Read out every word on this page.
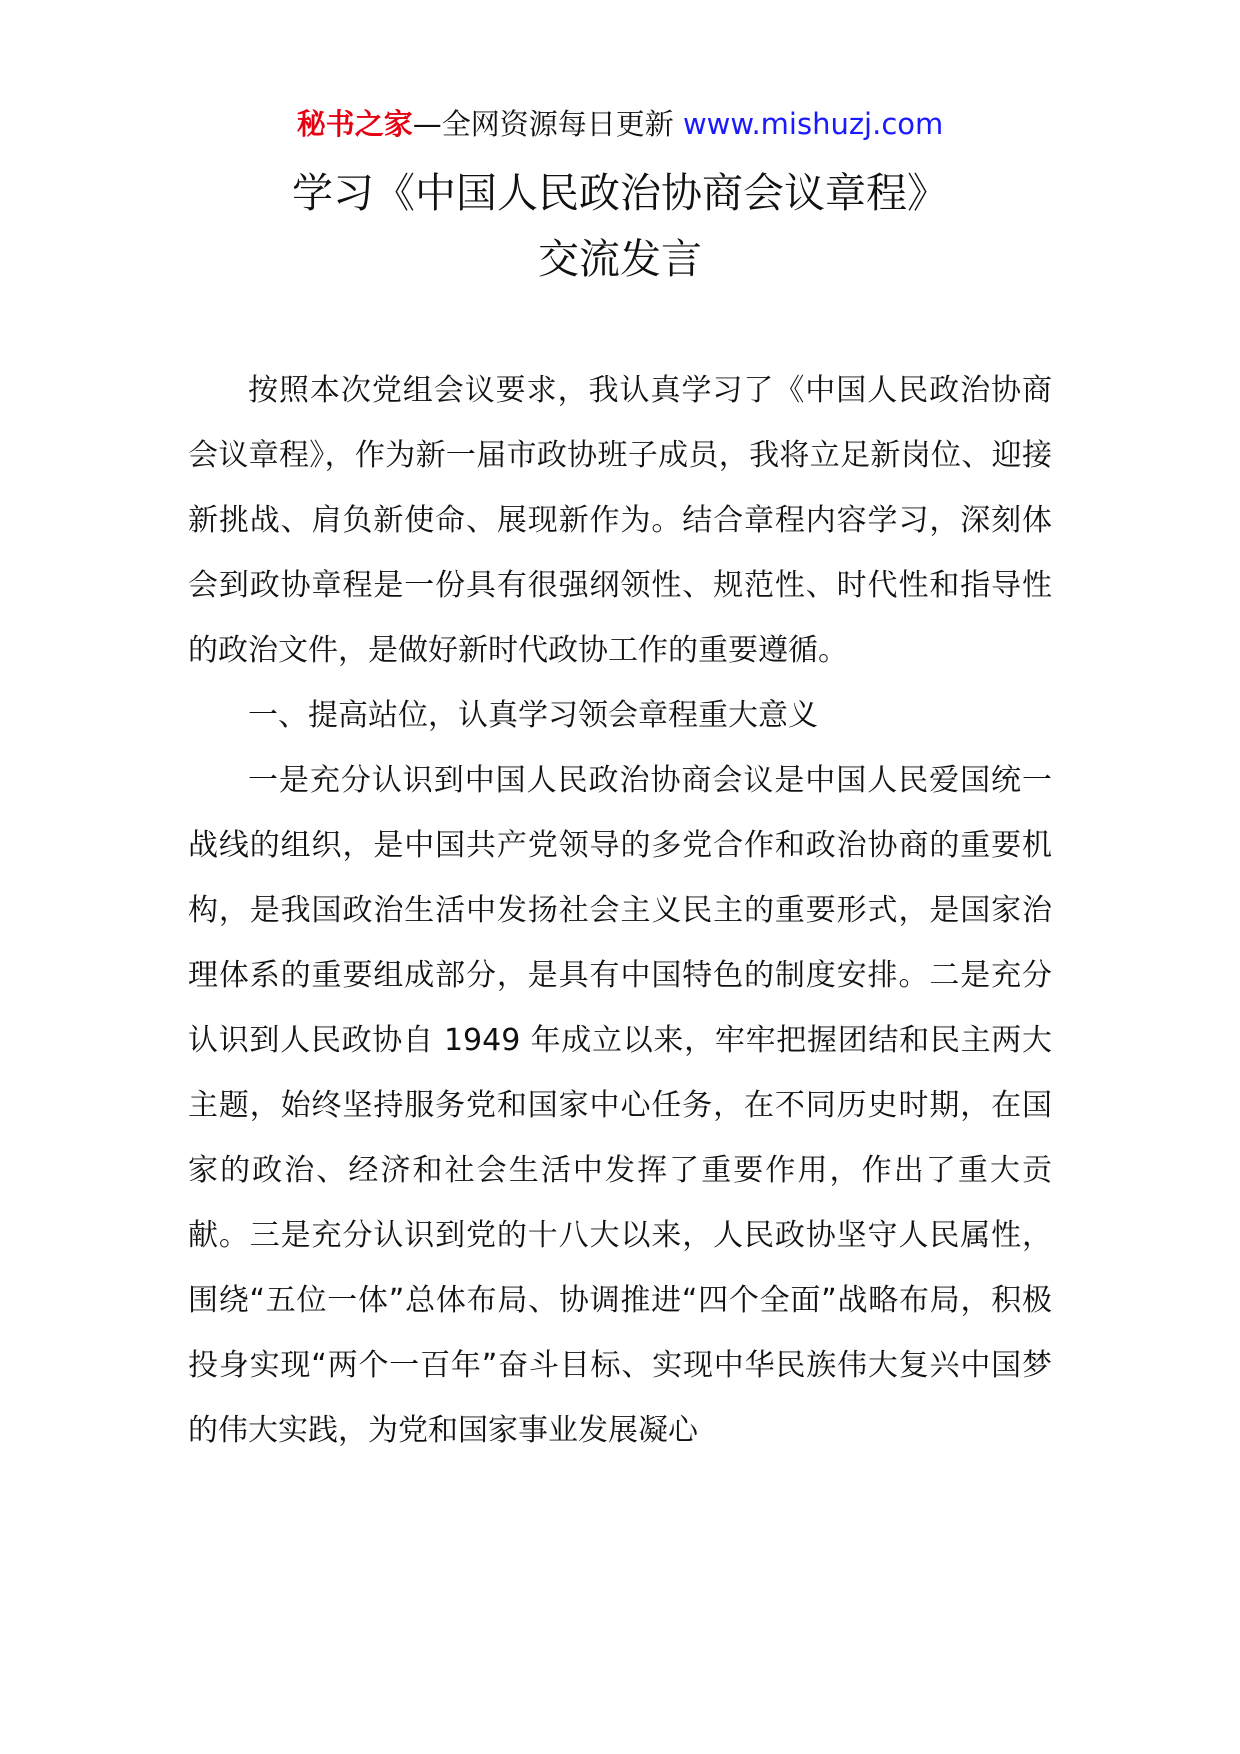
秘书之家—全网资源每日更新 www.mishuzj.com
学习《中国人民政治协商会议章程》
交流发言

按照本次党组会议要求，我认真学习了《中国人民政治协商会议章程》，作为新一届市政协班子成员，我将立足新岗位、迎接新挑战、肩负新使命、展现新作为。结合章程内容学习，深刻体会到政协章程是一份具有很强纲领性、规范性、时代性和指导性的政治文件，是做好新时代政协工作的重要遵循。

一、提高站位，认真学习领会章程重大意义

一是充分认识到中国人民政治协商会议是中国人民爱国统一战线的组织，是中国共产党领导的多党合作和政治协商的重要机构，是我国政治生活中发扬社会主义民主的重要形式，是国家治理体系的重要组成部分，是具有中国特色的制度安排。二是充分认识到人民政协自 1949 年成立以来，牢牢把握团结和民主两大主题，始终坚持服务党和国家中心任务，在不同历史时期，在国家的政治、经济和社会生活中发挥了重要作用，作出了重大贡献。三是充分认识到党的十八大以来，人民政协坚守人民属性，围绕“五位一体”总体布局、协调推进“四个全面”战略布局，积极投身实现“两个一百年”奋斗目标、实现中华民族伟大复兴中国梦的伟大实践，为党和国家事业发展凝心
